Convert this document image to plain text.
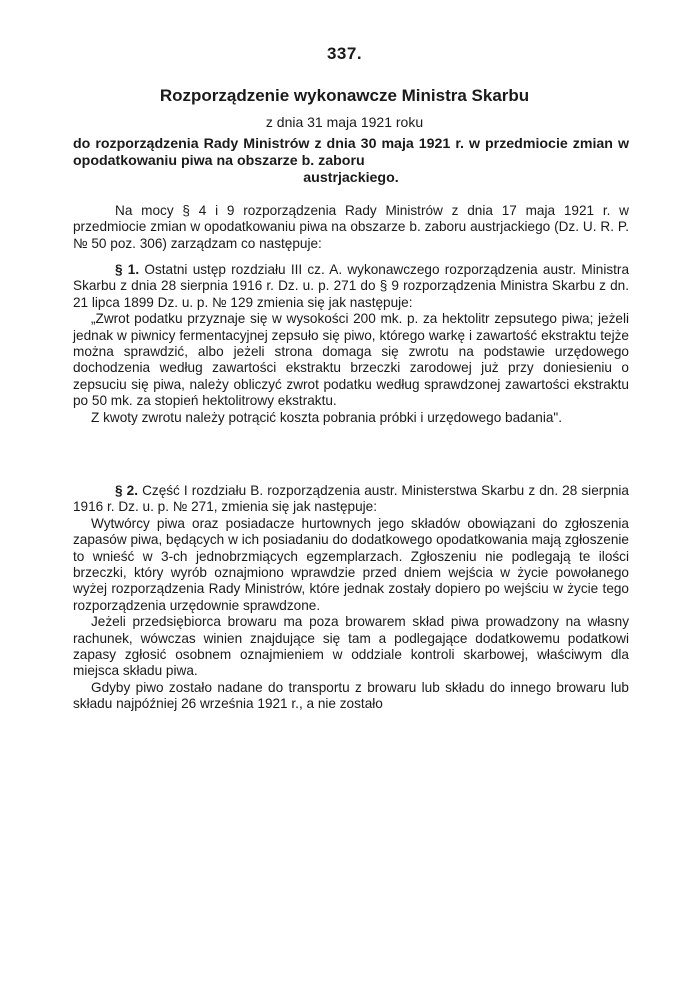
337.
Rozporządzenie wykonawcze Ministra Skarbu
z dnia 31 maja 1921 roku
do rozporządzenia Rady Ministrów z dnia 30 maja 1921 r. w przedmiocie zmian w opodatkowaniu piwa na obszarze b. zaboru
austrjackiego.

Na mocy § 4 i 9 rozporządzenia Rady Ministrów z dnia 17 maja 1921 r. w przedmiocie zmian w opodatkowaniu piwa na obszarze b. zaboru austrjackiego (Dz. U. R. P. № 50 poz. 306) zarządzam co następuje:

§ 1. Ostatni ustęp rozdziału III cz. A. wykonawczego rozporządzenia austr. Ministra Skarbu z dnia 28 sierpnia 1916 r. Dz. u. p. 271 do § 9 rozporządzenia Ministra Skarbu z dn. 21 lipca 1899 Dz. u. p. № 129 zmienia się jak następuje:

„Zwrot podatku przyznaje się w wysokości 200 mk. p. za hektolitr zepsutego piwa; jeżeli jednak w piwnicy fermentacyjnej zepsuło się piwo, którego warkę i zawartość ekstraktu tejże można sprawdzić, albo jeżeli strona domaga się zwrotu na podstawie urzędowego dochodzenia według zawartości ekstraktu brzeczki zarodowej już przy doniesieniu o zepsuciu się piwa, należy obliczyć zwrot podatku według sprawdzonej zawartości ekstraktu po 50 mk. za stopień hektolitrowy ekstraktu.

Z kwoty zwrotu należy potrącić koszta pobrania próbki i urzędowego badania".

§ 2. Część I rozdziału B. rozporządzenia austr. Ministerstwa Skarbu z dn. 28 sierpnia 1916 r. Dz. u. p. № 271, zmienia się jak następuje:

Wytwórcy piwa oraz posiadacze hurtownych jego składów obowiązani do zgłoszenia zapasów piwa, będących w ich posiadaniu do dodatkowego opodatkowania mają zgłoszenie to wnieść w 3-ch jednobrzmiących egzemplarzach. Zgłoszeniu nie podlegają te ilości brzeczki, który wyrób oznajmiono wprawdzie przed dniem wejścia w życie powołanego wyżej rozporządzenia Rady Ministrów, które jednak zostały dopiero po wejściu w życie tego rozporządzenia urzędownie sprawdzone.

Jeżeli przedsiębiorca browaru ma poza browarem skład piwa prowadzony na własny rachunek, wówczas winien znajdujące się tam a podlegające dodatkowemu podatkowi zapasy zgłosić osobnem oznajmieniem w oddziale kontroli skarbowej, właściwym dla miejsca składu piwa.

Gdyby piwo zostało nadane do transportu z browaru lub składu do innego browaru lub składu najpóźniej 26 września 1921 r., a nie zostało
